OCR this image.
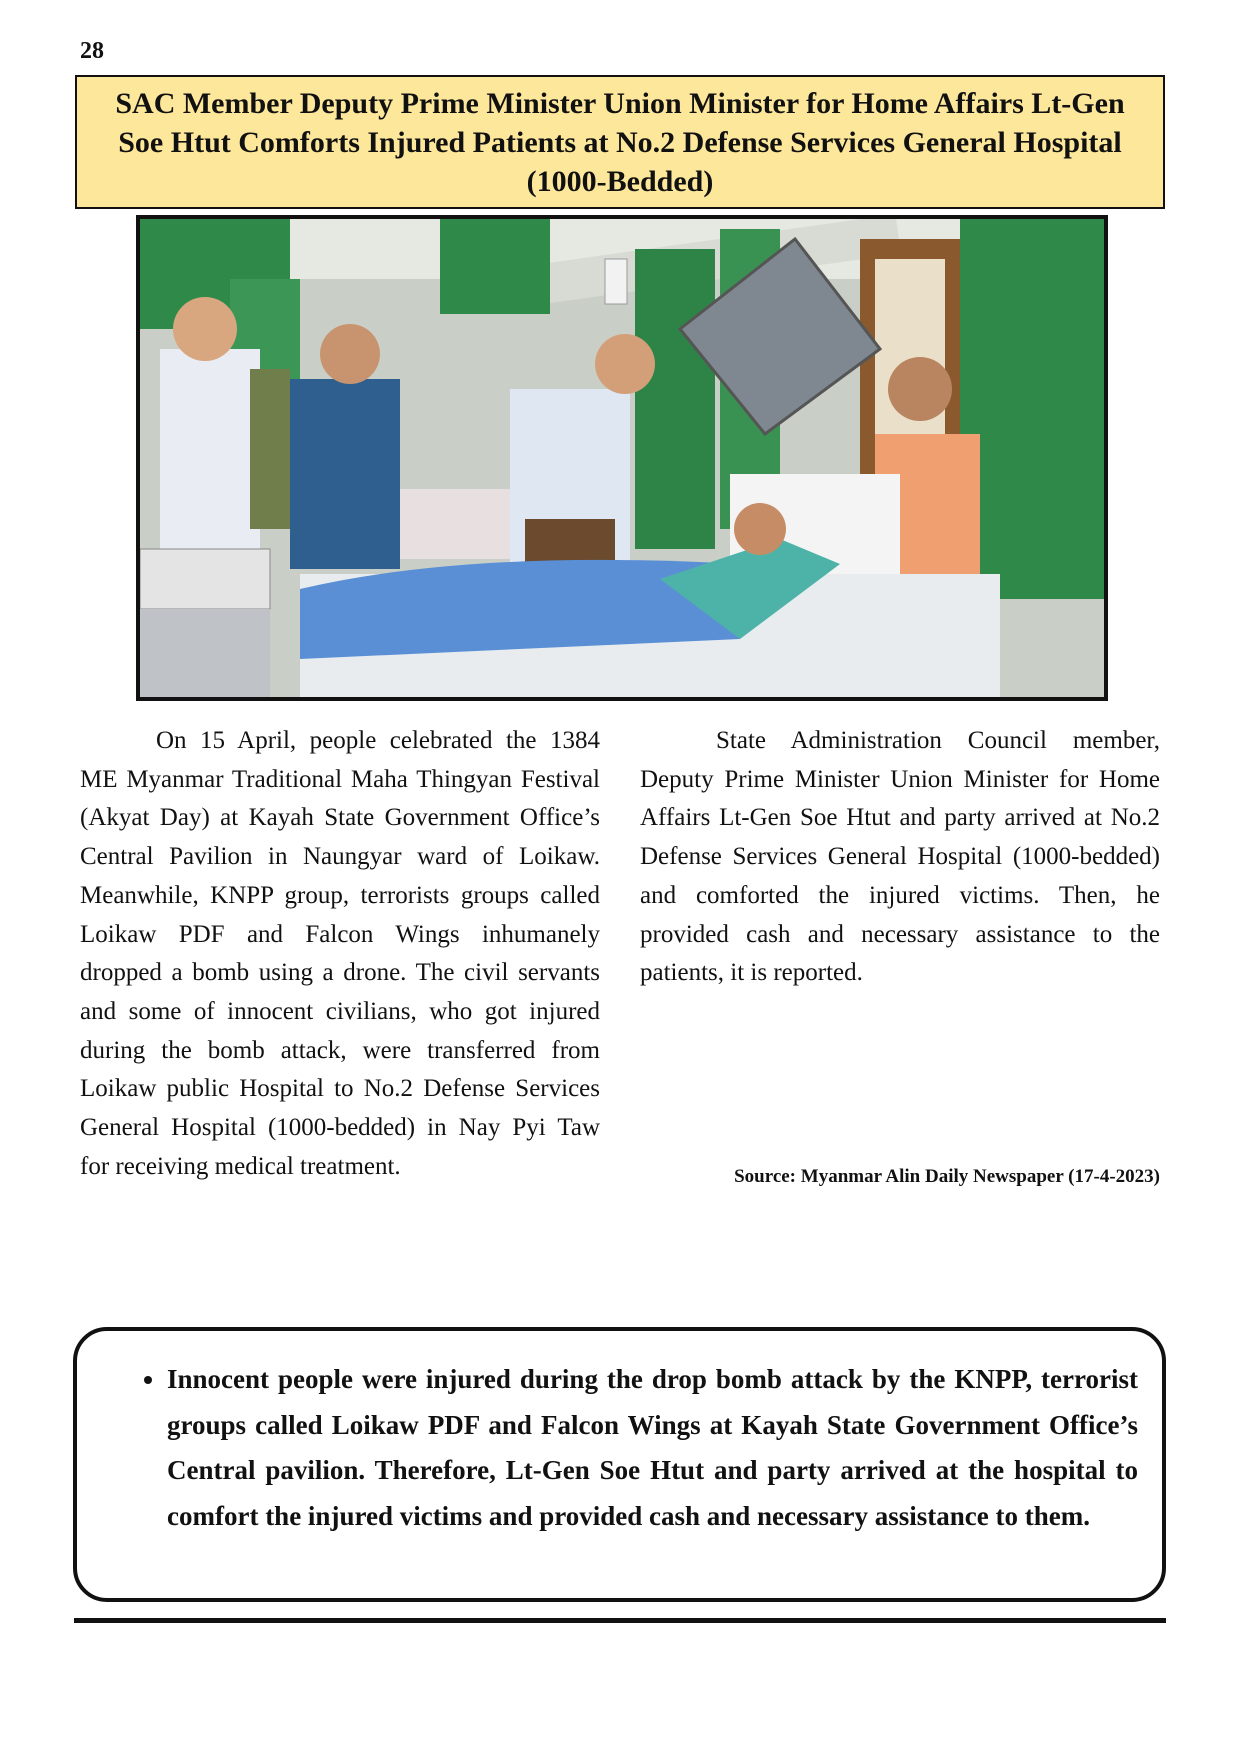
28
SAC Member Deputy Prime Minister Union Minister for Home Affairs Lt-Gen Soe Htut Comforts Injured Patients at No.2 Defense Services General Hospital (1000-Bedded)

On 15 April, people celebrated the 1384 ME Myanmar Traditional Maha Thingyan Festival (Akyat Day) at Kayah State Government Office’s Central Pavilion in Naungyar ward of Loikaw. Meanwhile, KNPP group, terrorists groups called Loikaw PDF and Falcon Wings inhumanely dropped a bomb using a drone. The civil servants and some of innocent civilians, who got injured during the bomb attack, were transferred from Loikaw public Hospital to No.2 Defense Services General Hospital (1000-bedded) in Nay Pyi Taw for receiving medical treatment.

State Administration Council member, Deputy Prime Minister Union Minister for Home Affairs Lt-Gen Soe Htut and party arrived at No.2 Defense Services General Hospital (1000-bedded) and comforted the injured victims. Then, he provided cash and necessary assistance to the patients, it is reported.

Source: Myanmar Alin Daily Newspaper (17-4-2023)
• Innocent people were injured during the drop bomb attack by the KNPP, terrorist groups called Loikaw PDF and Falcon Wings at Kayah State Government Office’s Central pavilion. Therefore, Lt-Gen Soe Htut and party arrived at the hospital to comfort the injured victims and provided cash and necessary assistance to them.
